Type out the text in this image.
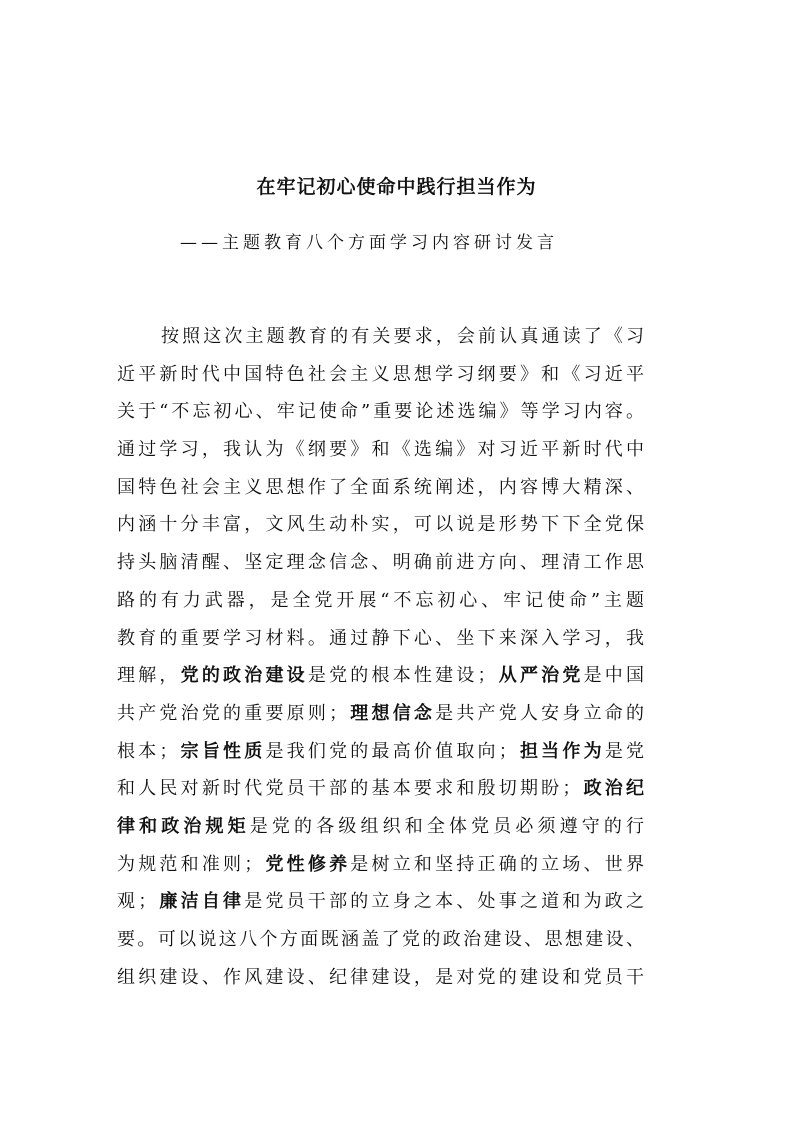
在牢记初心使命中践行担当作为
——主题教育八个方面学习内容研讨发言
按照这次主题教育的有关要求，会前认真通读了《习
近平新时代中国特色社会主义思想学习纲要》和《习近平
关于“不忘初心、牢记使命”重要论述选编》等学习内容。
通过学习，我认为《纲要》和《选编》对习近平新时代中
国特色社会主义思想作了全面系统阐述，内容博大精深、
内涵十分丰富，文风生动朴实，可以说是形势下下全党保
持头脑清醒、坚定理念信念、明确前进方向、理清工作思
路的有力武器，是全党开展“不忘初心、牢记使命”主题
教育的重要学习材料。通过静下心、坐下来深入学习，我
理解，党的政治建设是党的根本性建设；从严治党是中国
共产党治党的重要原则；理想信念是共产党人安身立命的
根本；宗旨性质是我们党的最高价值取向；担当作为是党
和人民对新时代党员干部的基本要求和殷切期盼；政治纪
律和政治规矩是党的各级组织和全体党员必须遵守的行
为规范和准则；党性修养是树立和坚持正确的立场、世界
观；廉洁自律是党员干部的立身之本、处事之道和为政之
要。可以说这八个方面既涵盖了党的政治建设、思想建设、
组织建设、作风建设、纪律建设，是对党的建设和党员干
